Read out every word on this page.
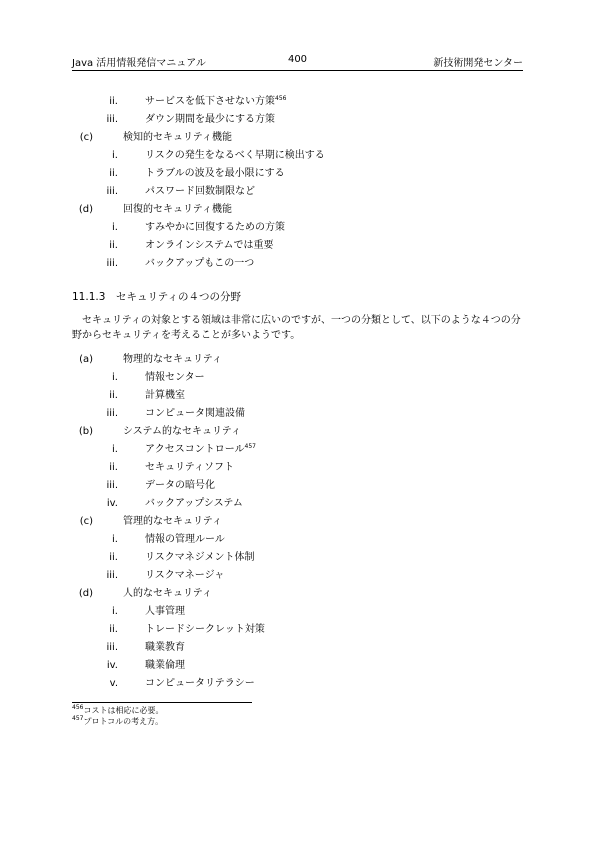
Java 活用情報発信マニュアル	400	新技術開発センター
ii.	サービスを低下させない方策$^{456}$
iii.	ダウン期間を最少にする方策
(c)	検知的セキュリティ機能
i.	リスクの発生をなるべく早期に検出する
ii.	トラブルの波及を最小限にする
iii.	パスワード回数制限など
(d)	回復的セキュリティ機能
i.	すみやかに回復するための方策
ii.	オンラインシステムでは重要
iii.	バックアップもこの一つ
11.1.3 セキュリティの４つの分野
セキュリティの対象とする領域は非常に広いのですが、一つの分類として、以下のような４つの分野からセキュリティを考えることが多いようです。
(a)	物理的なセキュリティ
i.	情報センター
ii.	計算機室
iii.	コンピュータ関連設備
(b)	システム的なセキュリティ
i.	アクセスコントロール$^{457}$
ii.	セキュリティソフト
iii.	データの暗号化
iv.	バックアップシステム
(c)	管理的なセキュリティ
i.	情報の管理ルール
ii.	リスクマネジメント体制
iii.	リスクマネージャ
(d)	人的なセキュリティ
i.	人事管理
ii.	トレードシークレット対策
iii.	職業教育
iv.	職業倫理
v.	コンピュータリテラシー
$^{456}$コストは相応に必要。
$^{457}$プロトコルの考え方。
